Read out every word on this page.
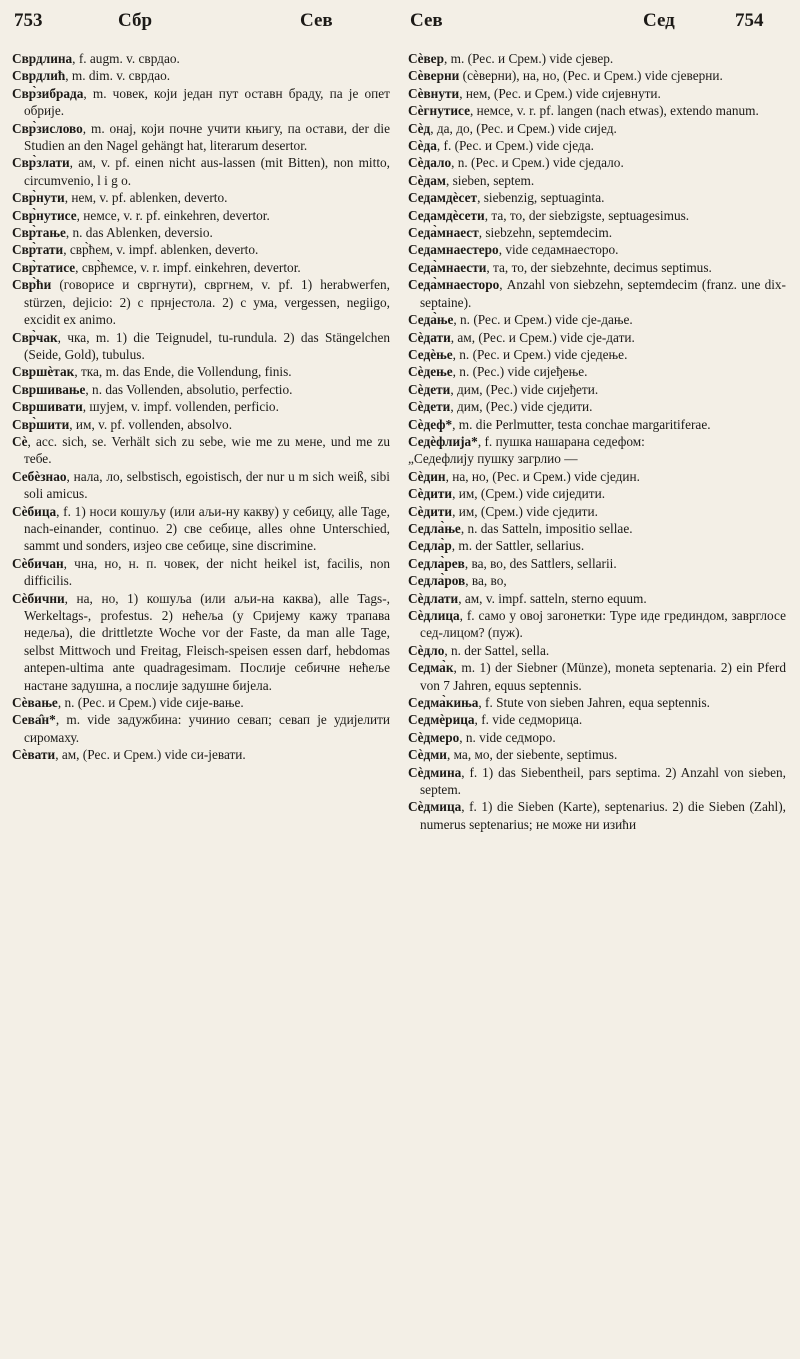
753	Сбр	Сев	Сев	Сед	754
Сврдлина, f. augm. v. сврдао.
Сврдлић, m. dim. v. свpдao.
Свр̀зибрада, m. човек, који један пут оставн браду, па је опет обрије.
Свр̀зислово, m. онај, који почне учити књигу, па остави, der die Studien an den Nagel gehängt hat, literarum desertor.
Свр̀злати, ам, v. pf. einen nicht aus-lassen (mit Bitten), non mitto, circumvenio, l i g o.
Свр̀нути, нем, v. pf. ablenken, deverto.
Свр̀нутисе, немсе, v. r. pf. einkehren, devertor.
Свр̀тање, n. das Ablenken, deversio.
Свр̀тати, свр̀ћем, v. impf. ablenken, deverto.
Свр̀татисе, свр̀ћемсе, v. r. impf. einkehren, devertor.
Свр̀ћи (говорисе и свргнути), свргнем, v. pf. 1) herabwerfen, stürzen, dejicio: 2) с прнјестола. 2) с ума, vergessen, negiigo, excidit ex animo.
Свр̀чак, чка, m. 1) die Teignudel, tu-rundula. 2) das Stängelchen (Seide, Gold), tubulus.
Свршѐтак, тка, m. das Ende, die Vollendung, finis.
Свршивање, n. das Vollenden, absolutio, perfectio.
Свршивати, шујем, v. impf. vollenden, perficio.
Свр̀шити, им, v. pf. vollenden, absolvo.
Сѐ, acc. sich, se. Verhält sich zu sebe, wie me zu мене, und me zu тебе.
Себѐзнао, нала, ло, selbstisch, egoistisch, der nur u m sich weiß, sibi soli amicus.
Сѐбица, f. 1) носи кошуљу (или аљи-ну какву) у себицу, alle Tage, nach-einander, continuo. 2) све себице, alles ohne Unterschied, sammt und sonders, изјео све себице, sine discrimine.
Сѐбичан, чна, но, н. п. човек, der nicht heikel ist, facilis, non difficilis.
Сѐбични, на, но, 1) кошуља (или аљи-на каква), alle Tags-, Werkeltags-, profestus. 2) нећеља (у Сриjeму кажу трапава недеља), die drittletzte Woche vor der Faste, da man alle Tage, selbst Mittwoch und Freitag, Fleisch-speisen essen darf, hebdomas antepen-ultima ante quadragesimam. Послије себичне нећеље настане задушна, а послије задушне бијела.
Сѐвање, n. (Рес. и Срем.) vide сије-вање.
Сева̑н*, m. vide задужбина: учинио севап; севап је удијелити сиромаху.
Сѐвати, ам, (Рес. и Срем.) vide си-јевати.
Сѐвер, m. (Рес. и Срем.) vide сјевер.
Сѐверни (сѐверни), на, но, (Рес. и Срем.) vide сјеверни.
Сѐвнути, нем, (Рес. и Срем.) vide сијевнути.
Сѐгнутисе, немсе, v. r. pf. langen (nach etwas), extendo manum.
Сѐд, да, до, (Рес. и Срем.) vide сијед.
Сѐда, f. (Рес. и Срем.) vide сједа.
Сѐдало, n. (Рес. и Срем.) vide сједало.
Сѐдам, sieben, septem.
Седамдѐсет, siebenzig, septuaginta.
Седамдѐсети, та, то, der siebzigste, septuagesimus.
Седа̀мнаест, siebzehn, septemdecim.
Седамнаестеро, vide седамнаесторо.
Седа̀мнаести, та, то, der siebzehnte, decimus septimus.
Седа̀мнаесторо, Anzahl von siebzehn, septemdecim (franz. une dix-septaine).
Седа̀ње, n. (Рес. и Срем.) vide сје-дање.
Сѐдати, ам, (Рес. и Срем.) vide сје-дати.
Седѐње, n. (Рес. и Срем.) vide сједење.
Сѐдење, n. (Рес.) vide сијеђење.
Сѐдети, дим, (Рес.) vide сијеђети.
Сѐдети, дим, (Рес.) vide сједити.
Сѐдеф*, m. die Perlmutter, testa conchae margaritiferae.
Седѐфлија*, f. пушка нашарана седефом:
„Седефлију пушку загрлио —
Сѐдин, на, но, (Рес. и Срем.) vide сједин.
Сѐдити, им, (Срем.) vide сиједити.
Сѐдити, им, (Срем.) vide сједити.
Седла̀ње, n. das Satteln, impositio sellae.
Седла̀р, m. der Sattler, sellarius.
Седла̀рев, ва, во, des Sattlers, sellarii.
Седла̀ров, ва, во,
Сѐдлати, ам, v. impf. satteln, sterno equum.
Сѐдлица, f. само у овој загонетки: Туре иде грединдом, заврглосе сед-лицом? (пуж).
Сѐдло, n. der Sattel, sella.
Седма̀к, m. 1) der Siebner (Münze), moneta septenaria. 2) ein Pferd von 7 Jahren, equus septennis.
Седма̀киња, f. Stute von sieben Jahren, equa septennis.
Седмѐрица, f. vide седморица.
Сѐдмеро, n. vide седморо.
Сѐдми, ма, мо, der siebente, septimus.
Сѐдмина, f. 1) das Siebentheil, pars septima. 2) Anzahl von sieben, septem.
Сѐдмица, f. 1) die Sieben (Karte), septenarius. 2) die Sieben (Zahl), numerus septenarius; не може ни изићи
